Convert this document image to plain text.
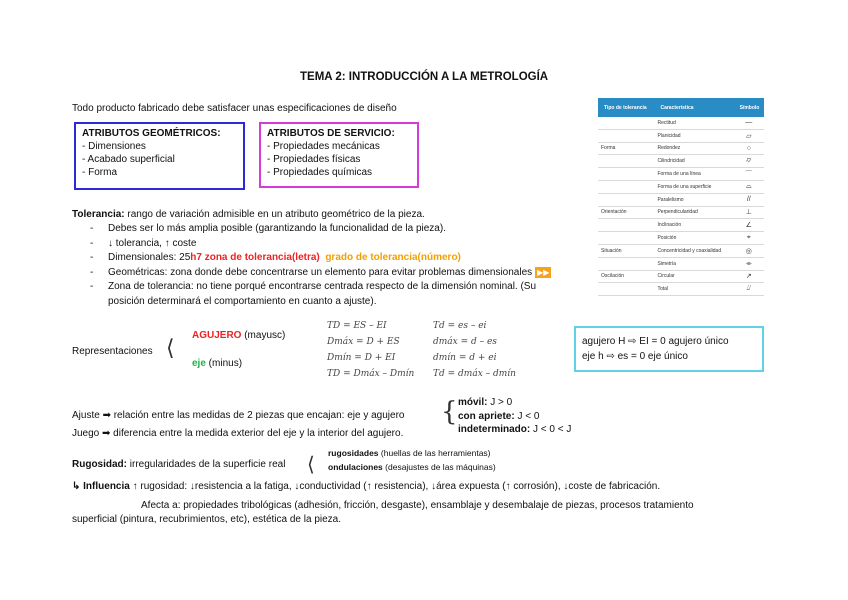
TEMA 2: INTRODUCCIÓN A LA METROLOGÍA
Todo producto fabricado debe satisfacer unas especificaciones de diseño
ATRIBUTOS GEOMÉTRICOS:
- Dimensiones
- Acabado superficial
- Forma
ATRIBUTOS DE SERVICIO:
- Propiedades mecánicas
- Propiedades físicas
- Propiedades químicas
Tipo de tolerancia	Característica	Símbolo
	Rectitud	—
	Planicidad	▱
Forma	Redondez	○
	Cilindricidad	⌭
	Forma de una línea	⌒
	Forma de una superficie	⌓
	Paralelismo	//
Orientación	Perpendicularidad	⊥
	Inclinación	∠
	Posición	⌖
Situación	Concentricidad y coaxialidad	◎
	Simetría	⌯
Oscilación	Circular	↗
	Total	⌰
Tolerancia: rango de variación admisible en un atributo geométrico de la pieza.
- Debes ser lo más amplia posible (garantizando la funcionalidad de la pieza).
- ↓ tolerancia, ↑ coste
- Dimensionales: 25h7 zona de tolerancia(letra) grado de tolerancia(número)
- Geométricas: zona donde debe concentrarse un elemento para evitar problemas dimensionales ▶▶
- Zona de tolerancia: no tiene porqué encontrarse centrada respecto de la dimensión nominal. (Su
posición determinará el comportamiento en cuanto a ajuste).
Representaciones ⟨
AGUJERO (mayusc)
eje (minus)
TD = ES – EI
Dmáx = D + ES
Dmín = D + EI
TD = Dmáx – Dmín
Td = es – ei
dmáx = d – es
dmín = d + ei
Td = dmáx – dmín
agujero H ⇨ EI = 0 agujero único
eje h ⇨ es = 0 eje único
Ajuste ➡ relación entre las medidas de 2 piezas que encajan: eje y agujero
Juego ➡ diferencia entre la medida exterior del eje y la interior del agujero.
{ móvil: J > 0
con apriete: J < 0
indeterminado: J < 0 < J
Rugosidad: irregularidades de la superficie real ⟨ rugosidades (huellas de las herramientas)
ondulaciones (desajustes de las máquinas)
↳ Influencia ↑ rugosidad: ↓resistencia a la fatiga, ↓conductividad (↑ resistencia), ↓área expuesta (↑ corrosión), ↓coste de fabricación.
Afecta a: propiedades tribológicas (adhesión, fricción, desgaste), ensamblaje y desembalaje de piezas, procesos tratamiento
superficial (pintura, recubrimientos, etc), estética de la pieza.
